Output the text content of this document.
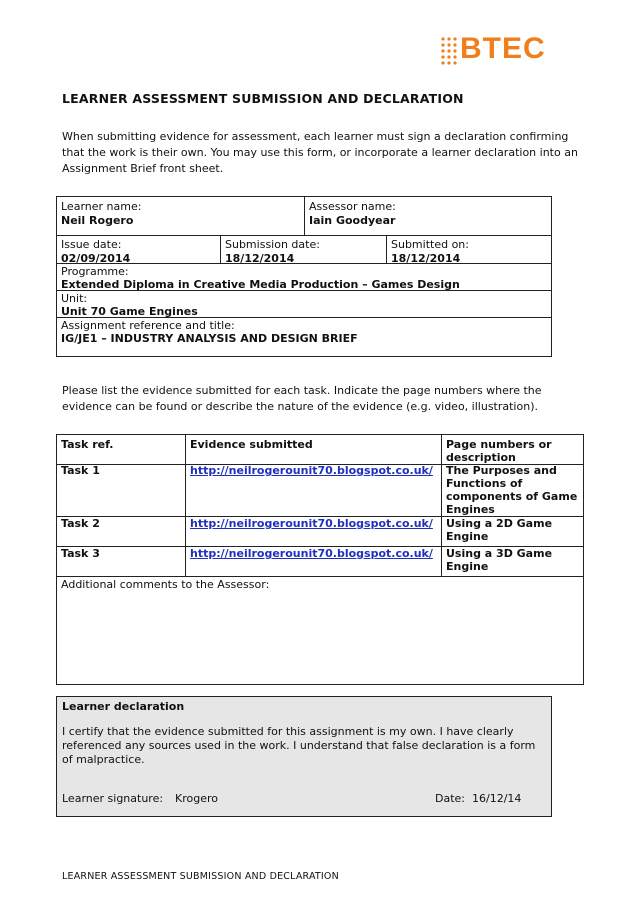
BTEC
LEARNER ASSESSMENT SUBMISSION AND DECLARATION
When submitting evidence for assessment, each learner must sign a declaration confirming that the work is their own. You may use this form, or incorporate a learner declaration into an Assignment Brief front sheet.
Learner name:
Neil Rogero
Assessor name:
Iain Goodyear
Issue date:
02/09/2014
Submission date:
18/12/2014
Submitted on:
18/12/2014
Programme:
Extended Diploma in Creative Media Production – Games Design
Unit:
Unit 70 Game Engines
Assignment reference and title:
IG/JE1 – INDUSTRY ANALYSIS AND DESIGN BRIEF
Please list the evidence submitted for each task. Indicate the page numbers where the evidence can be found or describe the nature of the evidence (e.g. video, illustration).
Task ref.	Evidence submitted	Page numbers or description
Task 1	http://neilrogerounit70.blogspot.co.uk/	The Purposes and Functions of components of Game Engines
Task 2	http://neilrogerounit70.blogspot.co.uk/	Using a 2D Game Engine
Task 3	http://neilrogerounit70.blogspot.co.uk/	Using a 3D Game Engine
Additional comments to the Assessor:
Learner declaration
I certify that the evidence submitted for this assignment is my own. I have clearly referenced any sources used in the work. I understand that false declaration is a form of malpractice.
Learner signature: Krogero	Date: 16/12/14
LEARNER ASSESSMENT SUBMISSION AND DECLARATION
